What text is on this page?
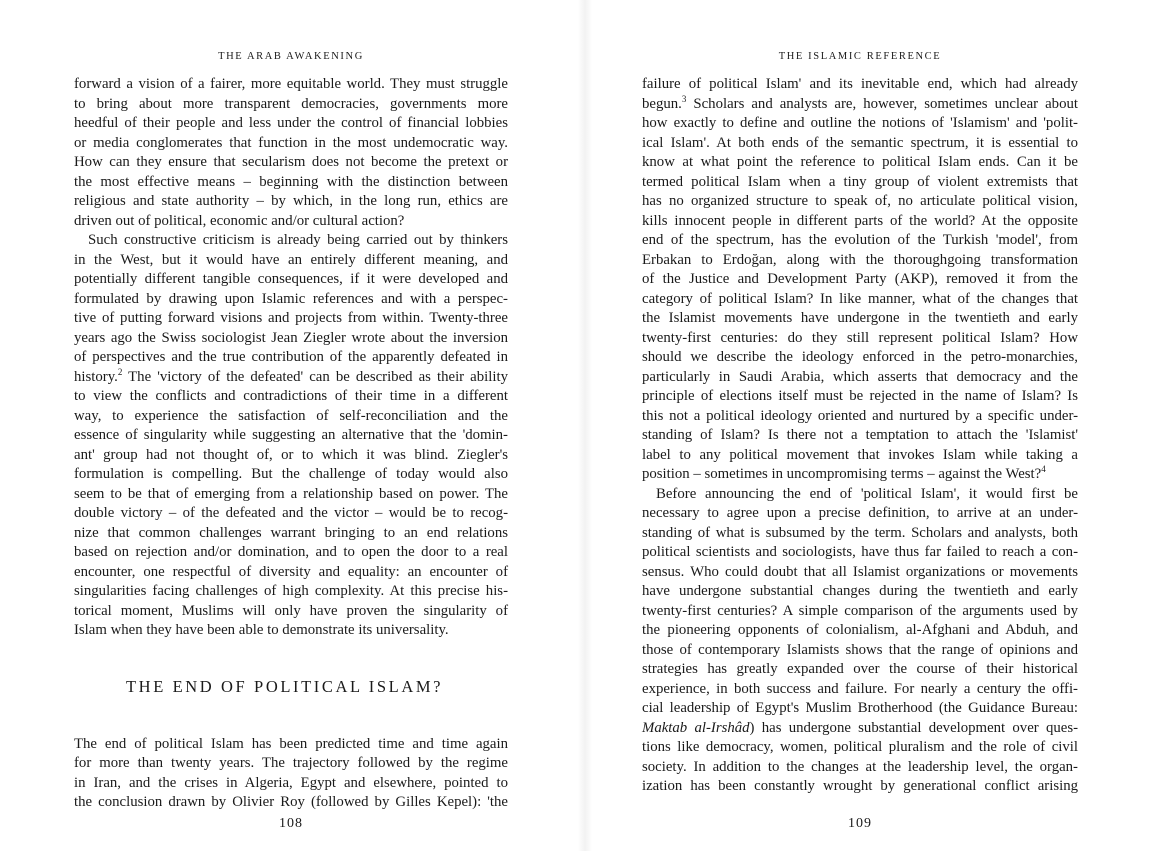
THE ARAB AWAKENING
forward a vision of a fairer, more equitable world. They must struggle
to bring about more transparent democracies, governments more
heedful of their people and less under the control of financial lobbies
or media conglomerates that function in the most undemocratic way.
How can they ensure that secularism does not become the pretext or
the most effective means – beginning with the distinction between
religious and state authority – by which, in the long run, ethics are
driven out of political, economic and/or cultural action?
Such constructive criticism is already being carried out by thinkers
in the West, but it would have an entirely different meaning, and
potentially different tangible consequences, if it were developed and
formulated by drawing upon Islamic references and with a perspec-
tive of putting forward visions and projects from within. Twenty-three
years ago the Swiss sociologist Jean Ziegler wrote about the inversion
of perspectives and the true contribution of the apparently defeated in
history.$^2$ The 'victory of the defeated' can be described as their ability
to view the conflicts and contradictions of their time in a different
way, to experience the satisfaction of self-reconciliation and the
essence of singularity while suggesting an alternative that the 'domin-
ant' group had not thought of, or to which it was blind. Ziegler's
formulation is compelling. But the challenge of today would also
seem to be that of emerging from a relationship based on power. The
double victory – of the defeated and the victor – would be to recog-
nize that common challenges warrant bringing to an end relations
based on rejection and/or domination, and to open the door to a real
encounter, one respectful of diversity and equality: an encounter of
singularities facing challenges of high complexity. At this precise his-
torical moment, Muslims will only have proven the singularity of
Islam when they have been able to demonstrate its universality.
THE END OF POLITICAL ISLAM?
The end of political Islam has been predicted time and time again
for more than twenty years. The trajectory followed by the regime
in Iran, and the crises in Algeria, Egypt and elsewhere, pointed to
the conclusion drawn by Olivier Roy (followed by Gilles Kepel): 'the
108
THE ISLAMIC REFERENCE
failure of political Islam' and its inevitable end, which had already
begun.$^3$ Scholars and analysts are, however, sometimes unclear about
how exactly to define and outline the notions of 'Islamism' and 'polit-
ical Islam'. At both ends of the semantic spectrum, it is essential to
know at what point the reference to political Islam ends. Can it be
termed political Islam when a tiny group of violent extremists that
has no organized structure to speak of, no articulate political vision,
kills innocent people in different parts of the world? At the opposite
end of the spectrum, has the evolution of the Turkish 'model', from
Erbakan to Erdoğan, along with the thoroughgoing transformation
of the Justice and Development Party (AKP), removed it from the
category of political Islam? In like manner, what of the changes that
the Islamist movements have undergone in the twentieth and early
twenty-first centuries: do they still represent political Islam? How
should we describe the ideology enforced in the petro-monarchies,
particularly in Saudi Arabia, which asserts that democracy and the
principle of elections itself must be rejected in the name of Islam? Is
this not a political ideology oriented and nurtured by a specific under-
standing of Islam? Is there not a temptation to attach the 'Islamist'
label to any political movement that invokes Islam while taking a
position – sometimes in uncompromising terms – against the West?$^4$
Before announcing the end of 'political Islam', it would first be
necessary to agree upon a precise definition, to arrive at an under-
standing of what is subsumed by the term. Scholars and analysts, both
political scientists and sociologists, have thus far failed to reach a con-
sensus. Who could doubt that all Islamist organizations or movements
have undergone substantial changes during the twentieth and early
twenty-first centuries? A simple comparison of the arguments used by
the pioneering opponents of colonialism, al-Afghani and Abduh, and
those of contemporary Islamists shows that the range of opinions and
strategies has greatly expanded over the course of their historical
experience, in both success and failure. For nearly a century the offi-
cial leadership of Egypt's Muslim Brotherhood (the Guidance Bureau:
Maktab al-Irshâd) has undergone substantial development over ques-
tions like democracy, women, political pluralism and the role of civil
society. In addition to the changes at the leadership level, the organ-
ization has been constantly wrought by generational conflict arising
109
